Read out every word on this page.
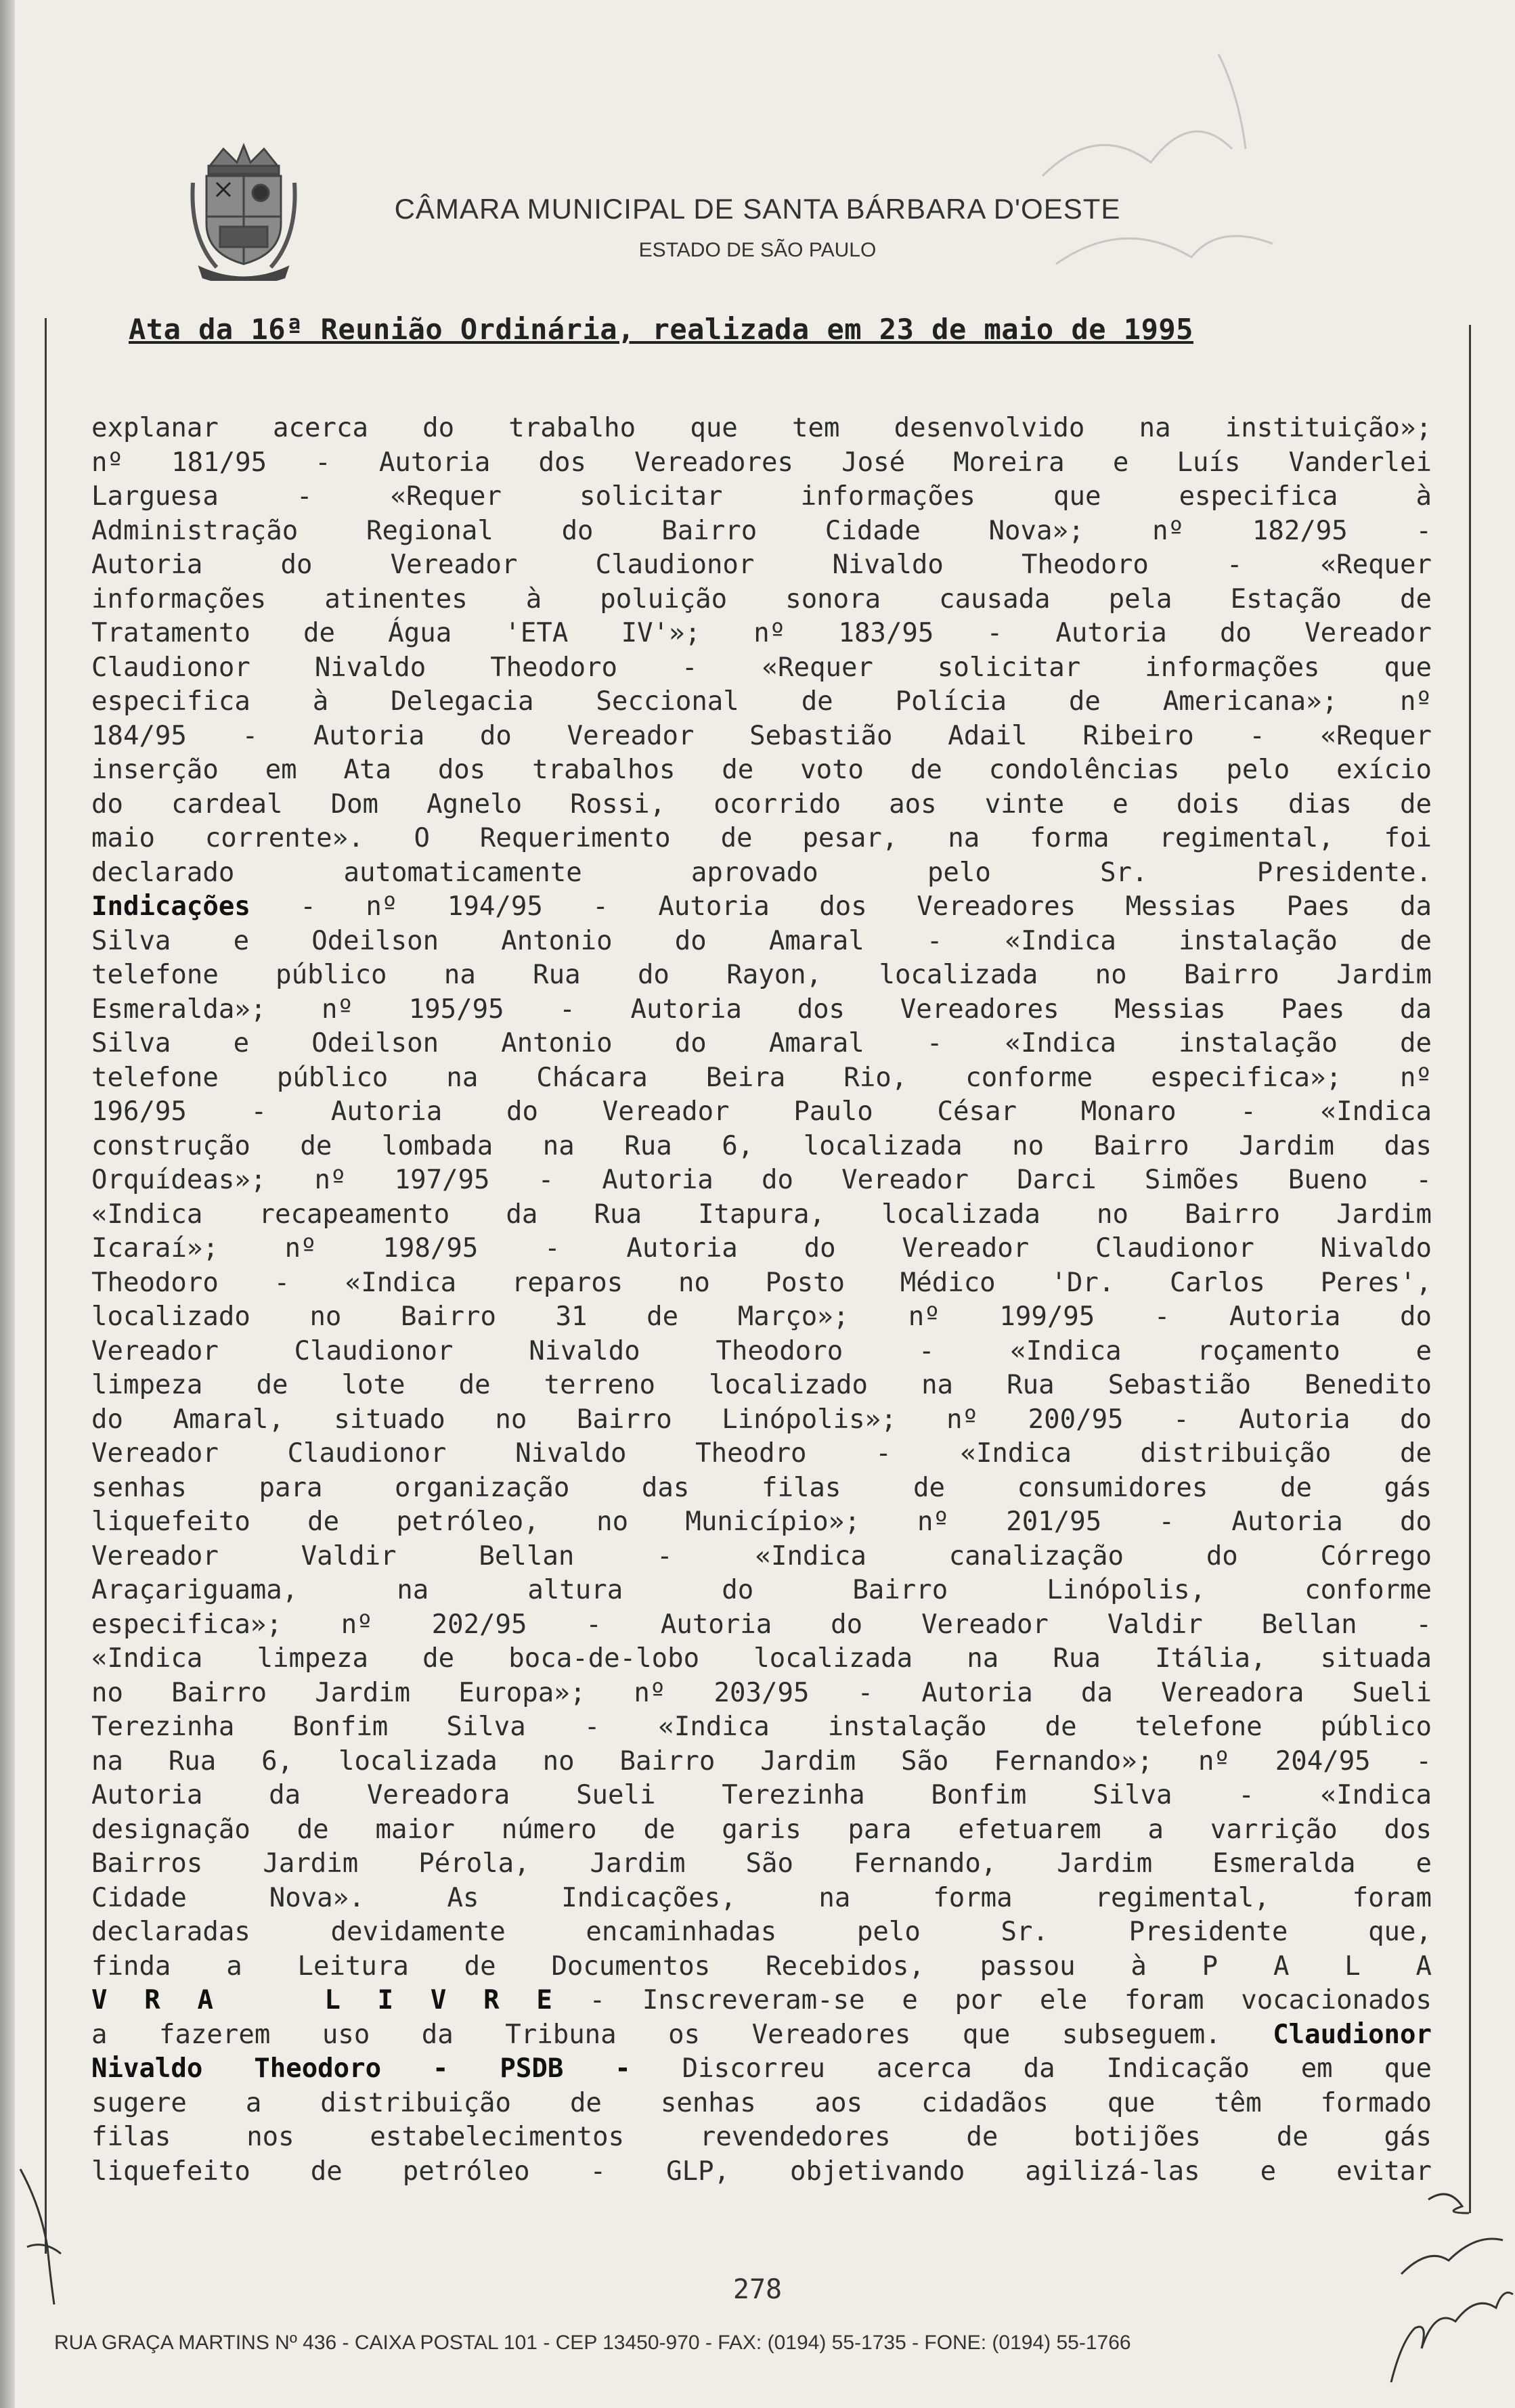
CÂMARA MUNICIPAL DE SANTA BÁRBARA D'OESTE
ESTADO DE SÃO PAULO
Ata da 16ª Reunião Ordinária, realizada em 23 de maio de 1995
explanar acerca do trabalho que tem desenvolvido na instituição»;
nº 181/95 - Autoria dos Vereadores José Moreira e Luís Vanderlei
Larguesa - «Requer solicitar informações que especifica à
Administração Regional do Bairro Cidade Nova»; nº 182/95 -
Autoria do Vereador Claudionor Nivaldo Theodoro - «Requer
informações atinentes à poluição sonora causada pela Estação de
Tratamento de Água 'ETA IV'»; nº 183/95 - Autoria do Vereador
Claudionor Nivaldo Theodoro - «Requer solicitar informações que
especifica à Delegacia Seccional de Polícia de Americana»; nº
184/95 - Autoria do Vereador Sebastião Adail Ribeiro - «Requer
inserção em Ata dos trabalhos de voto de condolências pelo exício
do cardeal Dom Agnelo Rossi, ocorrido aos vinte e dois dias de
maio corrente». O Requerimento de pesar, na forma regimental, foi
declarado automaticamente aprovado pelo Sr. Presidente.
Indicações - nº 194/95 - Autoria dos Vereadores Messias Paes da
Silva e Odeilson Antonio do Amaral - «Indica instalação de
telefone público na Rua do Rayon, localizada no Bairro Jardim
Esmeralda»; nº 195/95 - Autoria dos Vereadores Messias Paes da
Silva e Odeilson Antonio do Amaral - «Indica instalação de
telefone público na Chácara Beira Rio, conforme especifica»; nº
196/95 - Autoria do Vereador Paulo César Monaro - «Indica
construção de lombada na Rua 6, localizada no Bairro Jardim das
Orquídeas»; nº 197/95 - Autoria do Vereador Darci Simões Bueno -
«Indica recapeamento da Rua Itapura, localizada no Bairro Jardim
Icaraí»; nº 198/95 - Autoria do Vereador Claudionor Nivaldo
Theodoro - «Indica reparos no Posto Médico 'Dr. Carlos Peres',
localizado no Bairro 31 de Março»; nº 199/95 - Autoria do
Vereador Claudionor Nivaldo Theodoro - «Indica roçamento e
limpeza de lote de terreno localizado na Rua Sebastião Benedito
do Amaral, situado no Bairro Linópolis»; nº 200/95 - Autoria do
Vereador Claudionor Nivaldo Theodro - «Indica distribuição de
senhas para organização das filas de consumidores de gás
liquefeito de petróleo, no Município»; nº 201/95 - Autoria do
Vereador Valdir Bellan - «Indica canalização do Córrego
Araçariguama, na altura do Bairro Linópolis, conforme
especifica»; nº 202/95 - Autoria do Vereador Valdir Bellan -
«Indica limpeza de boca-de-lobo localizada na Rua Itália, situada
no Bairro Jardim Europa»; nº 203/95 - Autoria da Vereadora Sueli
Terezinha Bonfim Silva - «Indica instalação de telefone público
na Rua 6, localizada no Bairro Jardim São Fernando»; nº 204/95 -
Autoria da Vereadora Sueli Terezinha Bonfim Silva - «Indica
designação de maior número de garis para efetuarem a varrição dos
Bairros Jardim Pérola, Jardim São Fernando, Jardim Esmeralda e
Cidade Nova». As Indicações, na forma regimental, foram
declaradas devidamente encaminhadas pelo Sr. Presidente que,
finda a Leitura de Documentos Recebidos, passou à P A L A
V R A   L I V R E - Inscreveram-se e por ele foram vocacionados
a fazerem uso da Tribuna os Vereadores que subseguem. Claudionor
Nivaldo Theodoro - PSDB - Discorreu acerca da Indicação em que
sugere a distribuição de senhas aos cidadãos que têm formado
filas nos estabelecimentos revendedores de botijões de gás
liquefeito de petróleo - GLP, objetivando agilizá-las e evitar
278
RUA GRAÇA MARTINS Nº 436 - CAIXA POSTAL 101 - CEP 13450-970 - FAX: (0194) 55-1735 - FONE: (0194) 55-1766
